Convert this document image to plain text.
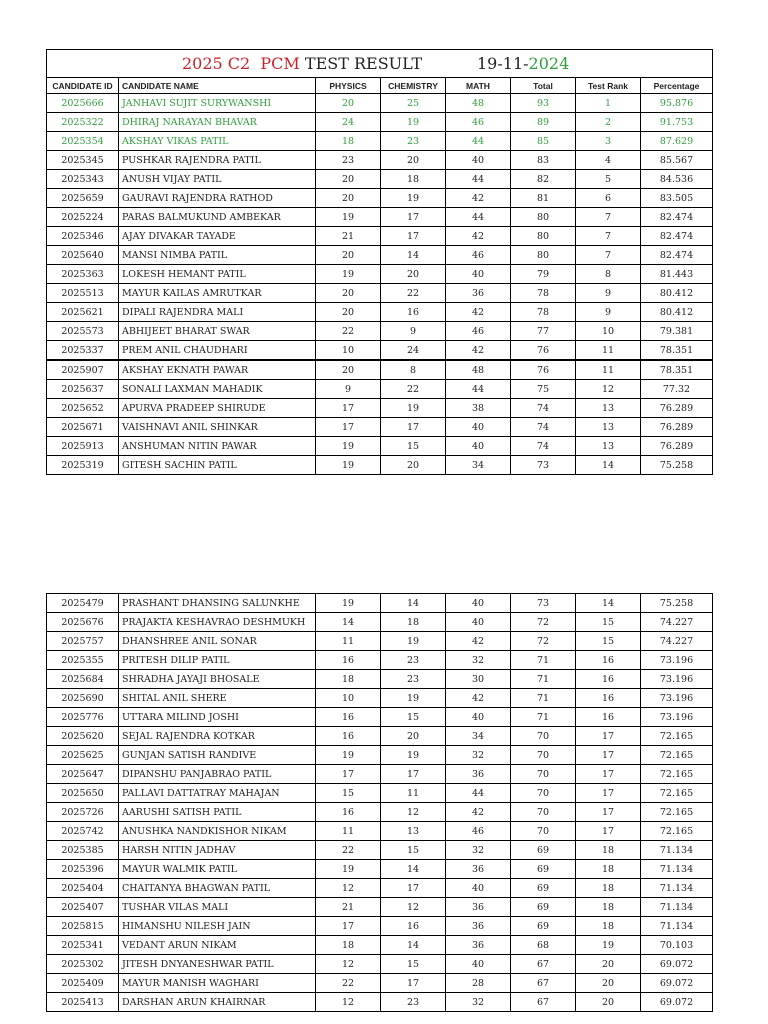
2025 C2 PCM TEST RESULT 19-11-2024							

CANDIDATE ID	CANDIDATE NAME	PHYSICS	CHEMISTRY	MATH	Total	Test Rank	Percentage
2025666	JANHAVI SUJIT SURYWANSHI	20	25	48	93	1	95.876
2025322	DHIRAJ NARAYAN BHAVAR	24	19	46	89	2	91.753
2025354	AKSHAY VIKAS PATIL	18	23	44	85	3	87.629
2025345	PUSHKAR RAJENDRA PATIL	23	20	40	83	4	85.567
2025343	ANUSH VIJAY PATIL	20	18	44	82	5	84.536
2025659	GAURAVI RAJENDRA RATHOD	20	19	42	81	6	83.505
2025224	PARAS BALMUKUND AMBEKAR	19	17	44	80	7	82.474
2025346	AJAY DIVAKAR TAYADE	21	17	42	80	7	82.474
2025640	MANSI NIMBA PATIL	20	14	46	80	7	82.474
2025363	LOKESH HEMANT PATIL	19	20	40	79	8	81.443
2025513	MAYUR KAILAS AMRUTKAR	20	22	36	78	9	80.412
2025621	DIPALI RAJENDRA MALI	20	16	42	78	9	80.412
2025573	ABHIJEET BHARAT SWAR	22	9	46	77	10	79.381
2025337	PREM ANIL CHAUDHARI	10	24	42	76	11	78.351
2025907	AKSHAY EKNATH PAWAR	20	8	48	76	11	78.351
2025637	SONALI LAXMAN MAHADIK	9	22	44	75	12	77.32
2025652	APURVA PRADEEP SHIRUDE	17	19	38	74	13	76.289
2025671	VAISHNAVI ANIL SHINKAR	17	17	40	74	13	76.289
2025913	ANSHUMAN NITIN PAWAR	19	15	40	74	13	76.289
2025319	GITESH SACHIN PATIL	19	20	34	73	14	75.258
2025479	PRASHANT DHANSING SALUNKHE	19	14	40	73	14	75.258
2025676	PRAJAKTA KESHAVRAO DESHMUKH	14	18	40	72	15	74.227
2025757	DHANSHREE ANIL SONAR	11	19	42	72	15	74.227
2025355	PRITESH DILIP PATIL	16	23	32	71	16	73.196
2025684	SHRADHA JAYAJI BHOSALE	18	23	30	71	16	73.196
2025690	SHITAL ANIL SHERE	10	19	42	71	16	73.196
2025776	UTTARA MILIND JOSHI	16	15	40	71	16	73.196
2025620	SEJAL RAJENDRA KOTKAR	16	20	34	70	17	72.165
2025625	GUNJAN SATISH RANDIVE	19	19	32	70	17	72.165
2025647	DIPANSHU PANJABRAO PATIL	17	17	36	70	17	72.165
2025650	PALLAVI DATTATRAY MAHAJAN	15	11	44	70	17	72.165
2025726	AARUSHI SATISH PATIL	16	12	42	70	17	72.165
2025742	ANUSHKA NANDKISHOR NIKAM	11	13	46	70	17	72.165
2025385	HARSH NITIN JADHAV	22	15	32	69	18	71.134
2025396	MAYUR WALMIK PATIL	19	14	36	69	18	71.134
2025404	CHAITANYA BHAGWAN PATIL	12	17	40	69	18	71.134
2025407	TUSHAR VILAS MALI	21	12	36	69	18	71.134
2025815	HIMANSHU NILESH JAIN	17	16	36	69	18	71.134
2025341	VEDANT ARUN NIKAM	18	14	36	68	19	70.103
2025302	JITESH DNYANESHWAR PATIL	12	15	40	67	20	69.072
2025409	MAYUR MANISH WAGHARI	22	17	28	67	20	69.072
2025413	DARSHAN ARUN KHAIRNAR	12	23	32	67	20	69.072
